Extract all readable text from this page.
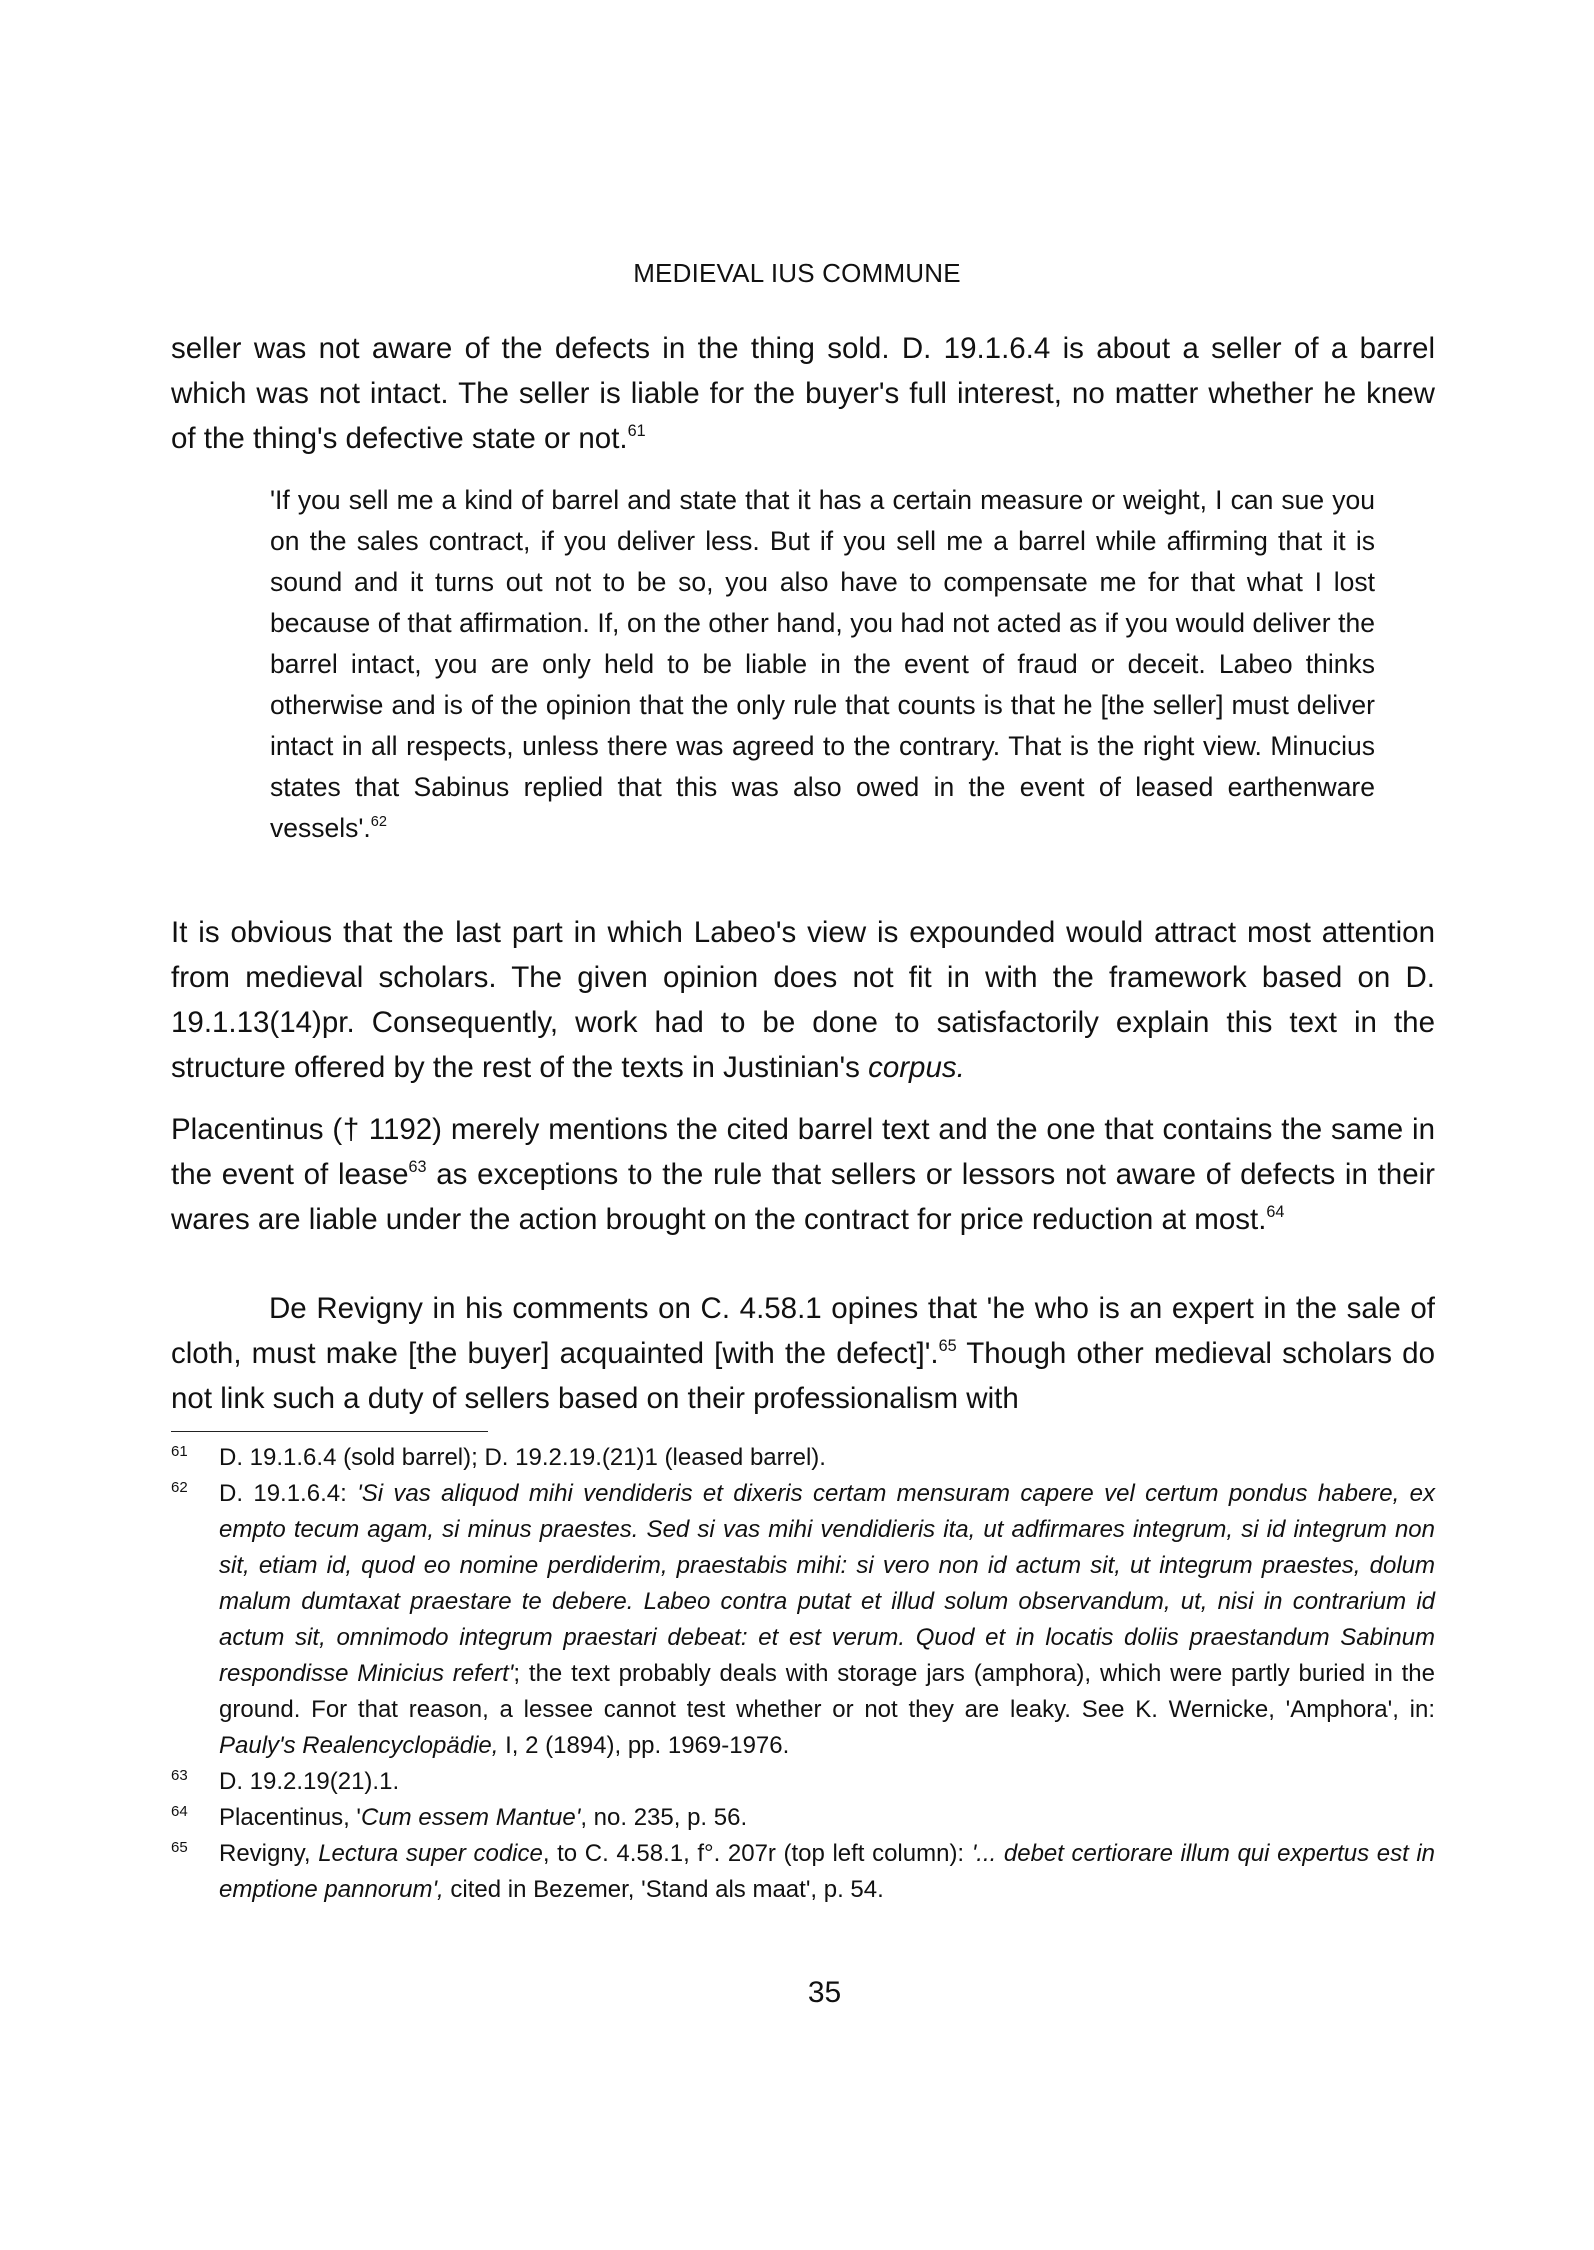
MEDIEVAL IUS COMMUNE
seller was not aware of the defects in the thing sold. D. 19.1.6.4 is about a seller of a barrel which was not intact. The seller is liable for the buyer's full interest, no matter whether he knew of the thing's defective state or not.$^{61}$
'If you sell me a kind of barrel and state that it has a certain measure or weight, I can sue you on the sales contract, if you deliver less. But if you sell me a barrel while affirming that it is sound and it turns out not to be so, you also have to compensate me for that what I lost because of that affirmation. If, on the other hand, you had not acted as if you would deliver the barrel intact, you are only held to be liable in the event of fraud or deceit. Labeo thinks otherwise and is of the opinion that the only rule that counts is that he [the seller] must deliver intact in all respects, unless there was agreed to the contrary. That is the right view. Minucius states that Sabinus replied that this was also owed in the event of leased earthenware vessels'.$^{62}$
It is obvious that the last part in which Labeo's view is expounded would attract most attention from medieval scholars. The given opinion does not fit in with the framework based on D. 19.1.13(14)pr. Consequently, work had to be done to satisfactorily explain this text in the structure offered by the rest of the texts in Justinian's corpus.
Placentinus († 1192) merely mentions the cited barrel text and the one that contains the same in the event of lease$^{63}$ as exceptions to the rule that sellers or lessors not aware of defects in their wares are liable under the action brought on the contract for price reduction at most.$^{64}$
De Revigny in his comments on C. 4.58.1 opines that 'he who is an expert in the sale of cloth, must make [the buyer] acquainted [with the defect]'.$^{65}$ Though other medieval scholars do not link such a duty of sellers based on their professionalism with
61 D. 19.1.6.4 (sold barrel); D. 19.2.19.(21)1 (leased barrel).
62 D. 19.1.6.4: 'Si vas aliquod mihi vendideris et dixeris certam mensuram capere vel certum pondus habere, ex empto tecum agam, si minus praestes. Sed si vas mihi vendidieris ita, ut adfirmares integrum, si id integrum non sit, etiam id, quod eo nomine perdiderim, praestabis mihi: si vero non id actum sit, ut integrum praestes, dolum malum dumtaxat praestare te debere. Labeo contra putat et illud solum observandum, ut, nisi in contrarium id actum sit, omnimodo integrum praestari debeat: et est verum. Quod et in locatis doliis praestandum Sabinum respondisse Minicius refert'; the text probably deals with storage jars (amphora), which were partly buried in the ground. For that reason, a lessee cannot test whether or not they are leaky. See K. Wernicke, 'Amphora', in: Pauly's Realencyclopädie, I, 2 (1894), pp. 1969-1976.
63 D. 19.2.19(21).1.
64 Placentinus, 'Cum essem Mantue', no. 235, p. 56.
65 Revigny, Lectura super codice, to C. 4.58.1, f°. 207r (top left column): '... debet certiorare illum qui expertus est in emptione pannorum', cited in Bezemer, 'Stand als maat', p. 54.
35
